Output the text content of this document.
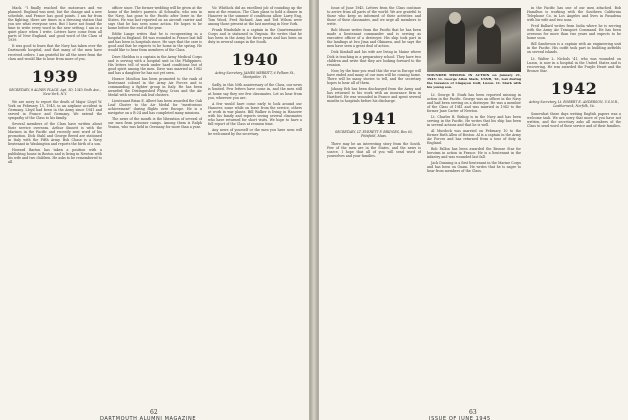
Mack. "I finally reached the motorcars and we planned. England was next, but the change and a new schedule, and France has good points. I am far from the fighting; there are times in a dressing station that you see what everyone sees. But I have not found the time to write every word in the new setting. I am in a quiet place when I write. Letters have come from all parts of New England, and good word of the Class of 1939.

It was good to learn that the Navy has taken over the Dartmouth hospital, and that many of the men have received orders. I am grateful for all the news from the class and would like to hear from more of you.

1939
SECRETARY, 8 ALDEN PLACE, Apt. 3D, 1345 Sixth Ave., New York, N.Y.

We are sorry to report the death of Major Lloyd W. York on February 15, 1945, in an airplane accident in Germany. Lloyd had been in the Army since 1941 and served in France and Germany. We extend the sympathy of the Class to his family.

Several members of the Class have written about their service overseas. Arthur Sinnett is with the Marines in the Pacific and recently sent word of his promotion. Dick Stahl and George Breed are stationed in Italy with the Fifth Army. Bob Chase is a Navy lieutenant in Washington and reports the birth of a son.

Howard Barton has taken a position with a publishing house in Boston and is living in Newton with his wife and two children. He asks to be remembered to all.

officer since. The former wedding will be given at the home of the bride's parents. Al Schmaltz, who was in the Navy, has gone to the Pacific after leave in the States. He was last reported on an aircraft carrier and says that he has seen some action. He hopes to be home before the end of the year.

Eddie Lange writes that he is recuperating in a hospital in England. Ed was wounded in France last fall and has been in hospitals since. He says that the care is good and that he expects to be home in the spring. He would like to hear from members of the Class.

Dave Sheldon is a captain in the Army Medical Corps and is serving with a hospital unit in the Philippines. His letters tell of work under hard conditions but of good spirit among the men. Dave was married in 1942 and has a daughter he has not yet seen.

Horace Moulton has been promoted to the rank of lieutenant colonel in the Army Air Forces and is commanding a fighter group in Italy. He has been awarded the Distinguished Flying Cross and the Air Medal with several oak leaf clusters.

Lieutenant Brian E. Albert has been awarded the Oak Leaf Cluster to the Air Medal for "meritorious achievement" during flights over Europe. He is a navigator on a B-24 and has completed many missions.

The news of the month is the liberation of several of our men from prisoner camps. Among them is Ralph Yeaton, who was held in Germany for more than a year.

Vic Whitlock did an excellent job of rounding up the men at the reunion. The Class plans to hold a dinner in Hanover in the summer if conditions allow. Larry Eng, Tom Wood, Fred Richard, Ann and Ted Wilson were among those present at the last meeting in New York.

Frank Hindsdale is a captain in the Quartermaster Corps and is stationed in Virginia. He writes that he has been in the Army for three years and has been on duty in several camps in the South.

1940
Acting Secretary, JAMES MERRITT, 6 Pelham St., Montpelier, Vt.

Sadly, in this 50th anniversary of the Class, our news is limited. Few letters have come in, and the men still at home say they see few classmates. Let us hear from you, wherever you are.

A few would have come early to look around our Hanover, some while on leave from the service, others at work in war plants. Bill Walker is living in Hanover with his family and reports seeing several classmates who have returned for short visits. We hope to have a full report of the Class at reunion time.

Any news of yourself or the men you have seen will be welcomed by the secretary.

62
DARTMOUTH ALUMNI MAGAZINE

Issue of June 1945. Letters from the Class continue to arrive from all parts of the world. We are grateful to those who keep us informed of their activities and those of their classmates, and we urge all members to write.

Bob Munro writes from the Pacific that he has been made a lieutenant commander and is serving as executive officer of a destroyer. His ship took part in the landings at Iwo Jima and Okinawa, and he says the men have seen a great deal of action.

Dick Kimball and his wife are living in Maine where Dick is teaching in a preparatory school. They have two children and write that they are looking forward to the reunion.

Now, by the time you read this the war in Europe will have ended and many of our men will be coming home. There will be many stories to tell, and the secretary hopes to hear all of them.

Johnny Erb has been discharged from the Army and has returned to his work with an insurance firm in Hartford. He was wounded in France and spent several months in hospitals before his discharge.

1941
SECRETARY, LT. EVERETT F. BRIDGES, Box 65, Pittsfield, Mass.

There may be an interesting story from the South. Few of the men are in the States, and the news is scarce. I hope that all of you will send word of yourselves and your families.

WOUNDED MISSING IN ACTION on January 21, 1945: Lt. George Allen Stark, USNR, '41, lost during the invasion of Lingayen Gulf, Luzon. Lt. Stark with his young son.

Lt. George B. Stark has been reported missing in action in the Pacific. George was an officer in the Navy and had been serving on a destroyer. He was a member of the Class of 1941 and was married in 1943 to the former Jane Carter of Newton.

Lt. Charles B. Bishop is in the Navy and has been serving in the Pacific. He writes that his ship has been in several actions and that he is well.

Al Murdock was married on February 10 to the former Ruth Allen of Boston. Al is a captain in the Army Air Forces and has returned from a tour of duty in England.

Bob Fallon has been awarded the Bronze Star for heroism in action in France. He is a lieutenant in the infantry and was wounded last fall.

Jack Dunning is a first lieutenant in the Marine Corps and has been on Guam. He writes that he is eager to hear from members of the Class.

in the Pacific has one of our men attached. Bob Hamilton is working with the Southern California Telephone Co. in Los Angeles and lives in Pasadena with his wife and two sons.

Fred Ballard writes from India where he is serving with the Army Air Transport Command. He has been overseas for more than two years and expects to be home soon.

Bill Sanderson is a captain with an engineering unit in the Pacific. His outfit took part in building airfields on several islands.

Lt. Walter L. Nichols '41, who was wounded on Luzon, is now in a hospital in the United States and is recovering. He was awarded the Purple Heart and the Bronze Star.

1942
Acting Secretary, Lt. ROBERT E. ANDERSON, U.S.N.R., Leatherneck, Norfolk, Va.

Somewhat these days writing English papers was a welcome task. We are sorry that more of you have not written, and the secretary asks all members of the Class to send word of their service and of their families.

63
ISSUE OF JUNE 1945
